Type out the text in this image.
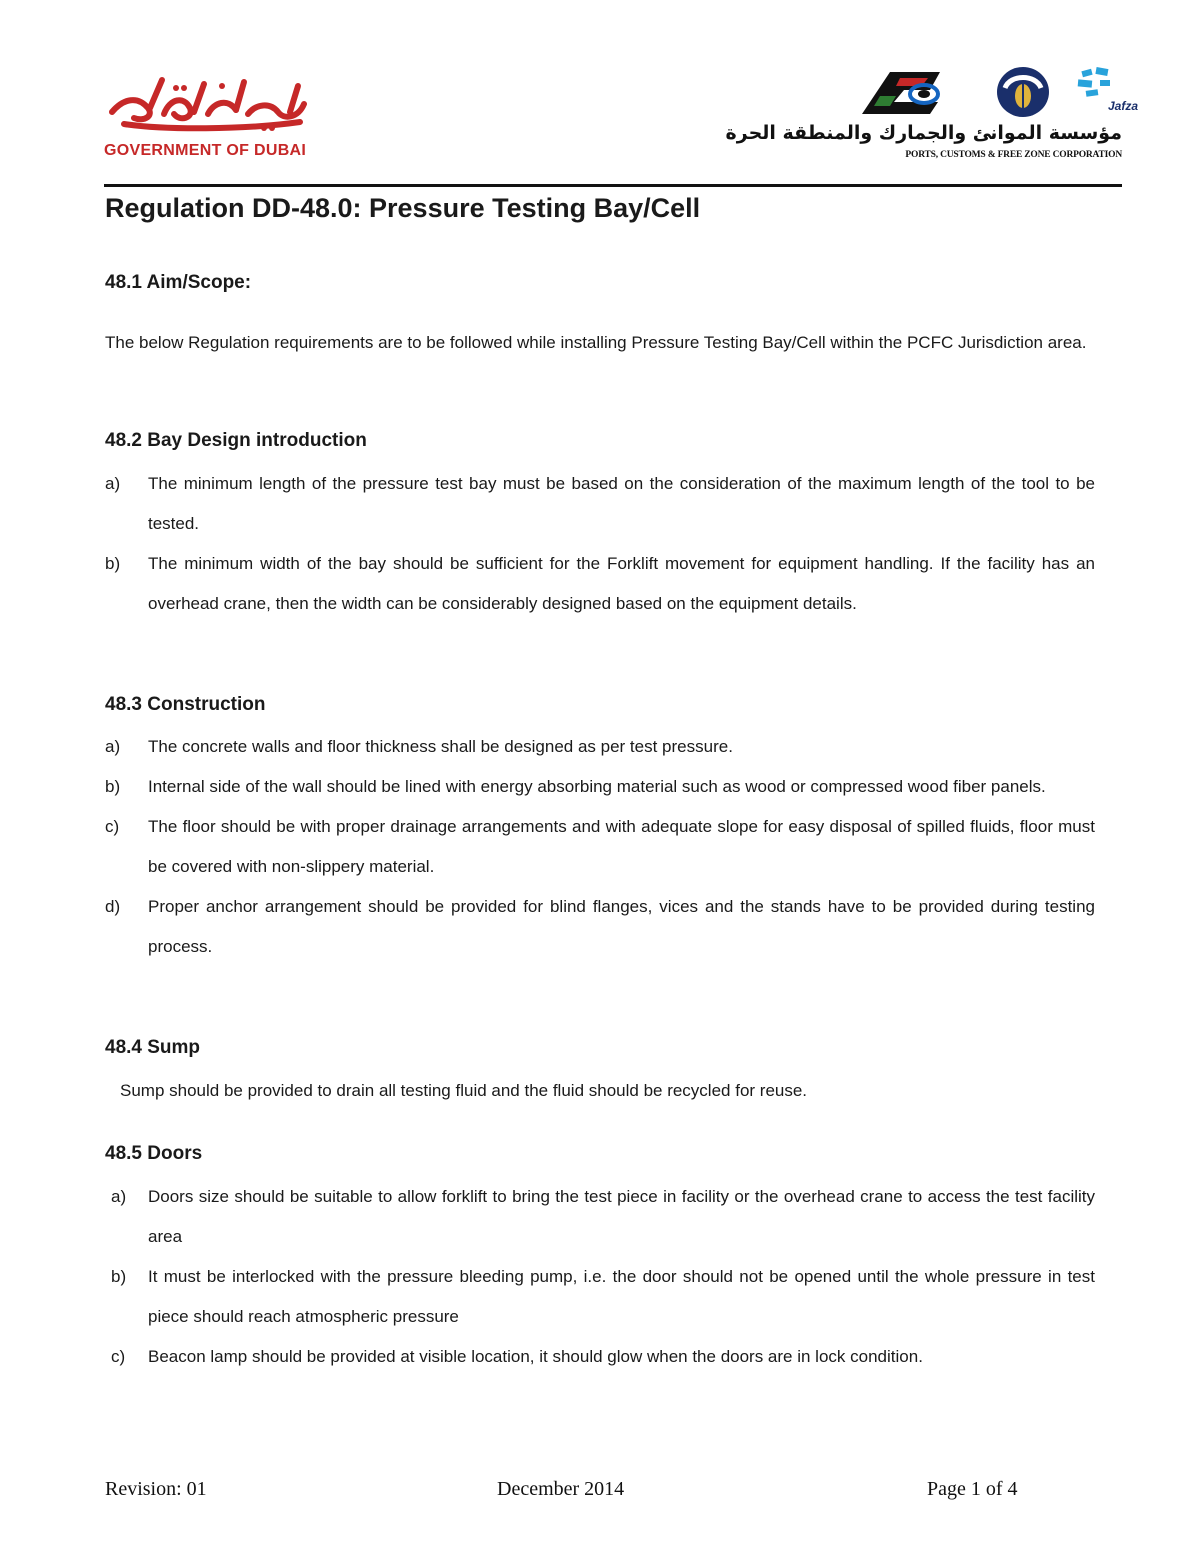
GOVERNMENT OF DUBAI
Jafza
مؤسسة الموانئ والجمارك والمنطقة الحرة
PORTS, CUSTOMS & FREE ZONE CORPORATION
Regulation DD-48.0: Pressure Testing Bay/Cell
48.1 Aim/Scope:

The below Regulation requirements are to be followed while installing Pressure Testing Bay/Cell within the PCFC Jurisdiction area.

48.2 Bay Design introduction
a) The minimum length of the pressure test bay must be based on the consideration of the maximum length of the tool to be tested.
b) The minimum width of the bay should be sufficient for the Forklift movement for equipment handling. If the facility has an overhead crane, then the width can be considerably designed based on the equipment details.
48.3 Construction
a) The concrete walls and floor thickness shall be designed as per test pressure.
b) Internal side of the wall should be lined with energy absorbing material such as wood or compressed wood fiber panels.
c) The floor should be with proper drainage arrangements and with adequate slope for easy disposal of spilled fluids, floor must be covered with non-slippery material.
d) Proper anchor arrangement should be provided for blind flanges, vices and the stands have to be provided during testing process.
48.4 Sump

Sump should be provided to drain all testing fluid and the fluid should be recycled for reuse.

48.5 Doors
a) Doors size should be suitable to allow forklift to bring the test piece in facility or the overhead crane to access the test facility area
b) It must be interlocked with the pressure bleeding pump, i.e. the door should not be opened until the whole pressure in test piece should reach atmospheric pressure
c) Beacon lamp should be provided at visible location, it should glow when the doors are in lock condition.
Revision: 01	December 2014	Page 1 of 4
